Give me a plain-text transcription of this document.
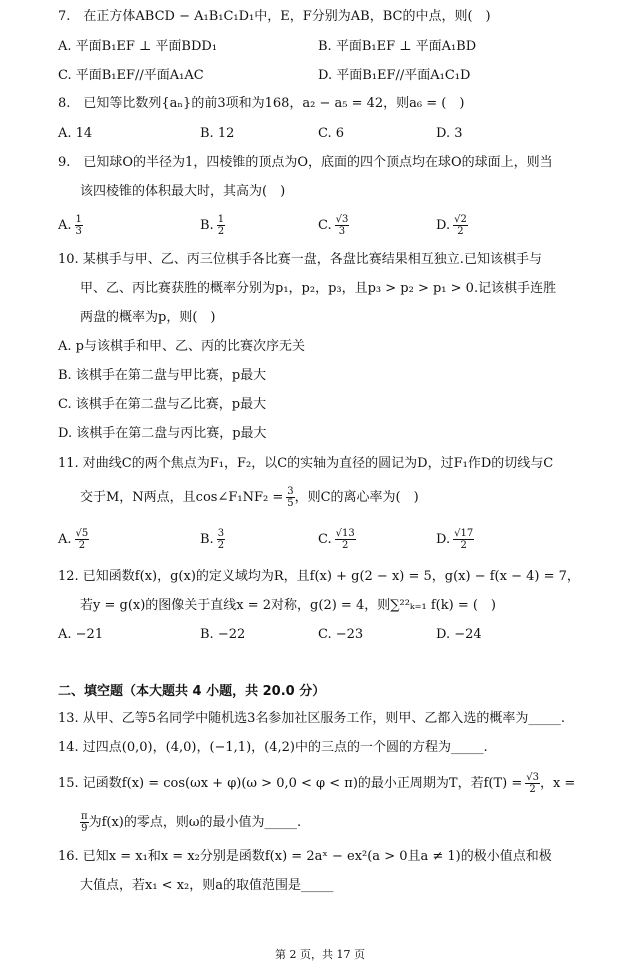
7.　在正方体ABCD − A₁B₁C₁D₁中，E，F分别为AB，BC的中点，则(　)
A. 平面B₁EF ⊥ 平面BDD₁	B. 平面B₁EF ⊥ 平面A₁BD
C. 平面B₁EF//平面A₁AC	D. 平面B₁EF//平面A₁C₁D
8.　已知等比数列{aₙ}的前3项和为168，a₂ − a₅ = 42，则a₆ = (　)
A. 14	B. 12	C. 6	D. 3
9.　已知球O的半径为1，四棱锥的顶点为O，底面的四个顶点均在球O的球面上，则当
该四棱锥的体积最大时，其高为(　)
A. $\frac{1}{3}$	B. $\frac{1}{2}$	C. $\frac{√3}{3}$	D. $\frac{√2}{2}$
10. 某棋手与甲、乙、丙三位棋手各比赛一盘，各盘比赛结果相互独立.已知该棋手与
甲、乙、丙比赛获胜的概率分别为p₁，p₂，p₃，且p₃ > p₂ > p₁ > 0.记该棋手连胜
两盘的概率为p，则(　)
A. p与该棋手和甲、乙、丙的比赛次序无关
B. 该棋手在第二盘与甲比赛，p最大
C. 该棋手在第二盘与乙比赛，p最大
D. 该棋手在第二盘与丙比赛，p最大
11. 对曲线C的两个焦点为F₁，F₂，以C的实轴为直径的圆记为D，过F₁作D的切线与C
交于M，N两点，且cos∠F₁NF₂ = $\frac{3}{5}$ ，则C的离心率为(　)
A. $\frac{√5}{2}$	B. $\frac{3}{2}$	C. $\frac{√13}{2}$	D. $\frac{√17}{2}$
12. 已知函数f(x)，g(x)的定义域均为R，且f(x) + g(2 − x) = 5，g(x) − f(x − 4) = 7，
若y = g(x)的图像关于直线x = 2对称，g(2) = 4，则∑²²ₖ₌₁ f(k) = (　)
A. −21	B. −22	C. −23	D. −24
二、填空题（本大题共 4 小题，共 20.0 分）
13. 从甲、乙等5名同学中随机选3名参加社区服务工作，则甲、乙都入选的概率为_____.
14. 过四点(0,0)，(4,0)，(−1,1)，(4,2)中的三点的一个圆的方程为_____.
15. 记函数f(x) = cos(ωx + φ)(ω > 0,0 < φ < π)的最小正周期为T，若$f(T) = \frac{√3}{2}$ ，x =
$\frac{\pi}{9}$ 为f(x)的零点，则ω的最小值为_____.
16. 已知x = x₁和x = x₂分别是函数f(x) = 2aˣ − ex²(a > 0且a ≠ 1)的极小值点和极
大值点，若x₁ < x₂，则a的取值范围是_____
第 2 页，共 17 页
